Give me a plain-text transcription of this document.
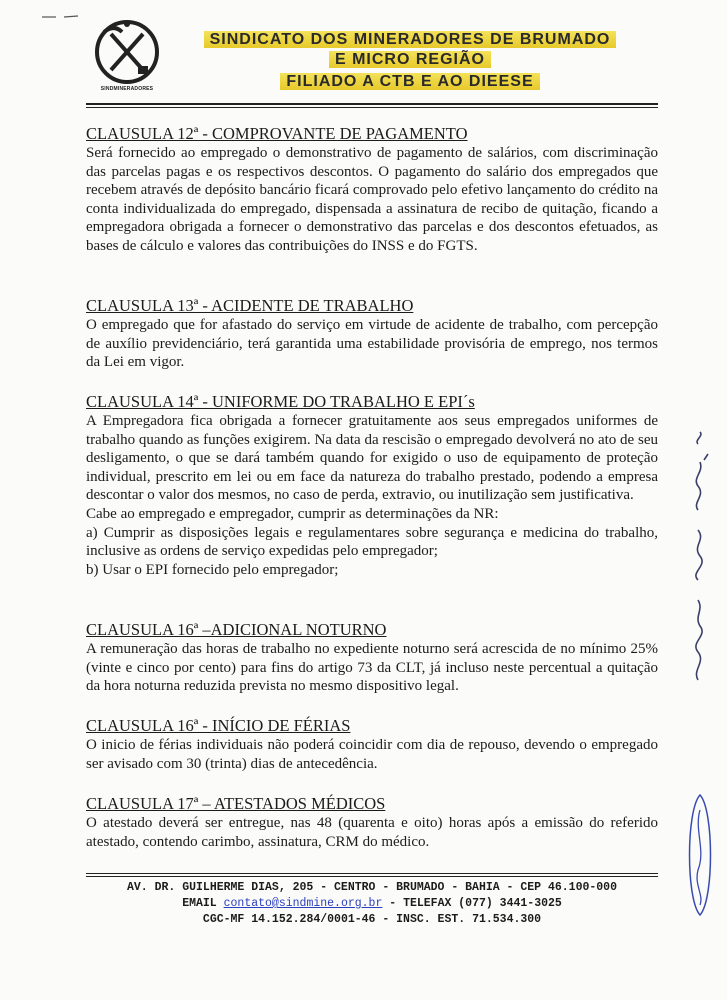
SINDMINERADORES
SINDICATO DOS MINERADORES DE BRUMADO
E MICRO REGIÃO
FILIADO A CTB E AO DIEESE
CLAUSULA 12ª - COMPROVANTE DE PAGAMENTO

Será fornecido ao empregado o demonstrativo de pagamento de salários, com discriminação das parcelas pagas e os respectivos descontos. O pagamento do salário dos empregados que recebem através de depósito bancário ficará comprovado pelo efetivo lançamento do crédito na conta individualizada do empregado, dispensada a assinatura de recibo de quitação, ficando a empregadora obrigada a fornecer o demonstrativo das parcelas e dos descontos efetuados, as bases de cálculo e valores das contribuições do INSS e do FGTS.

CLAUSULA 13ª - ACIDENTE DE TRABALHO

O empregado que for afastado do serviço em virtude de acidente de trabalho, com percepção de auxílio previdenciário, terá garantida uma estabilidade provisória de emprego, nos termos da Lei em vigor.

CLAUSULA 14ª - UNIFORME DO TRABALHO E EPI´s

A Empregadora fica obrigada a fornecer gratuitamente aos seus empregados uniformes de trabalho quando as funções exigirem. Na data da rescisão o empregado devolverá no ato de seu desligamento, o que se dará também quando for exigido o uso de equipamento de proteção individual, prescrito em lei ou em face da natureza do trabalho prestado, podendo a empresa descontar o valor dos mesmos, no caso de perda, extravio, ou inutilização sem justificativa.

Cabe ao empregado e empregador, cumprir as determinações da NR:

a) Cumprir as disposições legais e regulamentares sobre segurança e medicina do trabalho, inclusive as ordens de serviço expedidas pelo empregador;

b) Usar o EPI fornecido pelo empregador;

CLAUSULA 16ª –ADICIONAL NOTURNO

A remuneração das horas de trabalho no expediente noturno será acrescida de no mínimo 25% (vinte e cinco por cento) para fins do artigo 73 da CLT, já incluso neste percentual a quitação da hora noturna reduzida prevista no mesmo dispositivo legal.

CLAUSULA 16ª - INÍCIO DE FÉRIAS

O inicio de férias individuais não poderá coincidir com dia de repouso, devendo o empregado ser avisado com 30 (trinta) dias de antecedência.

CLAUSULA 17ª – ATESTADOS MÉDICOS

O atestado deverá ser entregue, nas 48 (quarenta e oito) horas após a emissão do referido atestado, contendo carimbo, assinatura, CRM do médico.

AV. DR. GUILHERME DIAS, 205 - CENTRO - BRUMADO - BAHIA - CEP 46.100-000
EMAIL contato@sindmine.org.br - TELEFAX (077) 3441-3025
CGC-MF 14.152.284/0001-46 - INSC. EST. 71.534.300
